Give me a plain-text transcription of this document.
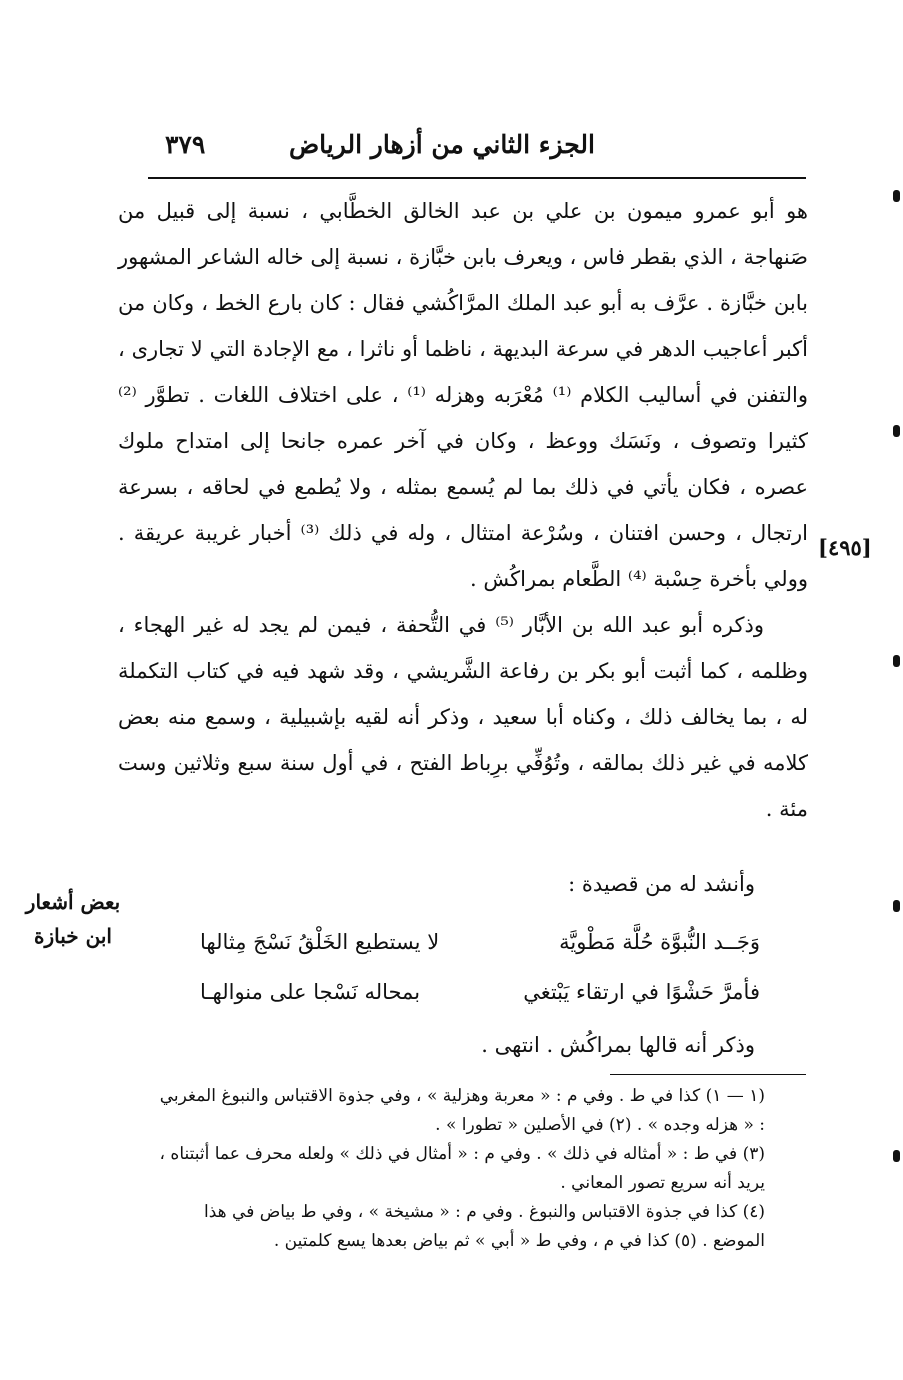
الجزء الثاني من أزهار الرياض
٣٧٩

هو أبو عمرو ميمون بن علي بن عبد الخالق الخطَّابي ، نسبة إلى قبيل من صَنهاجة ، الذي بقطر فاس ، ويعرف بابن خبَّازة ، نسبة إلى خاله الشاعر المشهور بابن خبَّازة . عرَّف به أبو عبد الملك المرَّاكُشي فقال : كان بارع الخط ، وكان من أكبر أعاجيب الدهر في سرعة البديهة ، ناظما أو ناثرا ، مع الإجادة التي لا تجارى ، والتفنن في أساليب الكلام ⁽¹⁾ مُعْرَبه وهزله ⁽¹⁾ ، على اختلاف اللغات . تطوَّر ⁽²⁾ كثيرا وتصوف ، ونَسَك ووعظ ، وكان في آخر عمره جانحا إلى امتداح ملوك عصره ، فكان يأتي في ذلك بما لم يُسمع بمثله ، ولا يُطمع في لحاقه ، بسرعة ارتجال ، وحسن افتنان ، وسُرْعة امتثال ، وله في ذلك ⁽³⁾ أخبار غريبة عريقة . وولي بأخرة حِسْبة ⁽⁴⁾ الطَّعام بمراكُش .

وذكره أبو عبد الله بن الأبَّار ⁽⁵⁾ في التُّحفة ، فيمن لم يجد له غير الهجاء ، وظلمه ، كما أثبت أبو بكر بن رفاعة الشَّريشي ، وقد شهد فيه في كتاب التكملة له ، بما يخالف ذلك ، وكناه أبا سعيد ، وذكر أنه لقيه بإشبيلية ، وسمع منه بعض كلامه في غير ذلك بمالقه ، وتُوُفِّي برِباط الفتح ، في أول سنة سبع وثلاثين وست مئة .

[٤٩٥]
بعض أشعار ابن خبازة
وأنشد له من قصيدة :
وَجَــد النُّبوَّة حُلَّة مَطْويَّة
لا يستطيع الخَلْقُ نَسْجَ مِثالها
فأمرَّ حَشْوًا في ارتقاء يَبْتغي
بمحاله نَسْجا على منوالهـا
وذكر أنه قالها بمراكُش . انتهى .

(١ — ١) كذا في ط . وفي م : « معربة وهزلية » ، وفي جذوة الاقتباس والنبوغ المغربي : « هزله وجده » . (٢) في الأصلين « تطورا » .

(٣) في ط : « أمثاله في ذلك » . وفي م : « أمثال في ذلك » ولعله محرف عما أثبتناه ، يريد أنه سريع تصور المعاني .

(٤) كذا في جذوة الاقتباس والنبوغ . وفي م : « مشيخة » ، وفي ط بياض في هذا الموضع . (٥) كذا في م ، وفي ط « أبي » ثم بياض بعدها يسع كلمتين .
